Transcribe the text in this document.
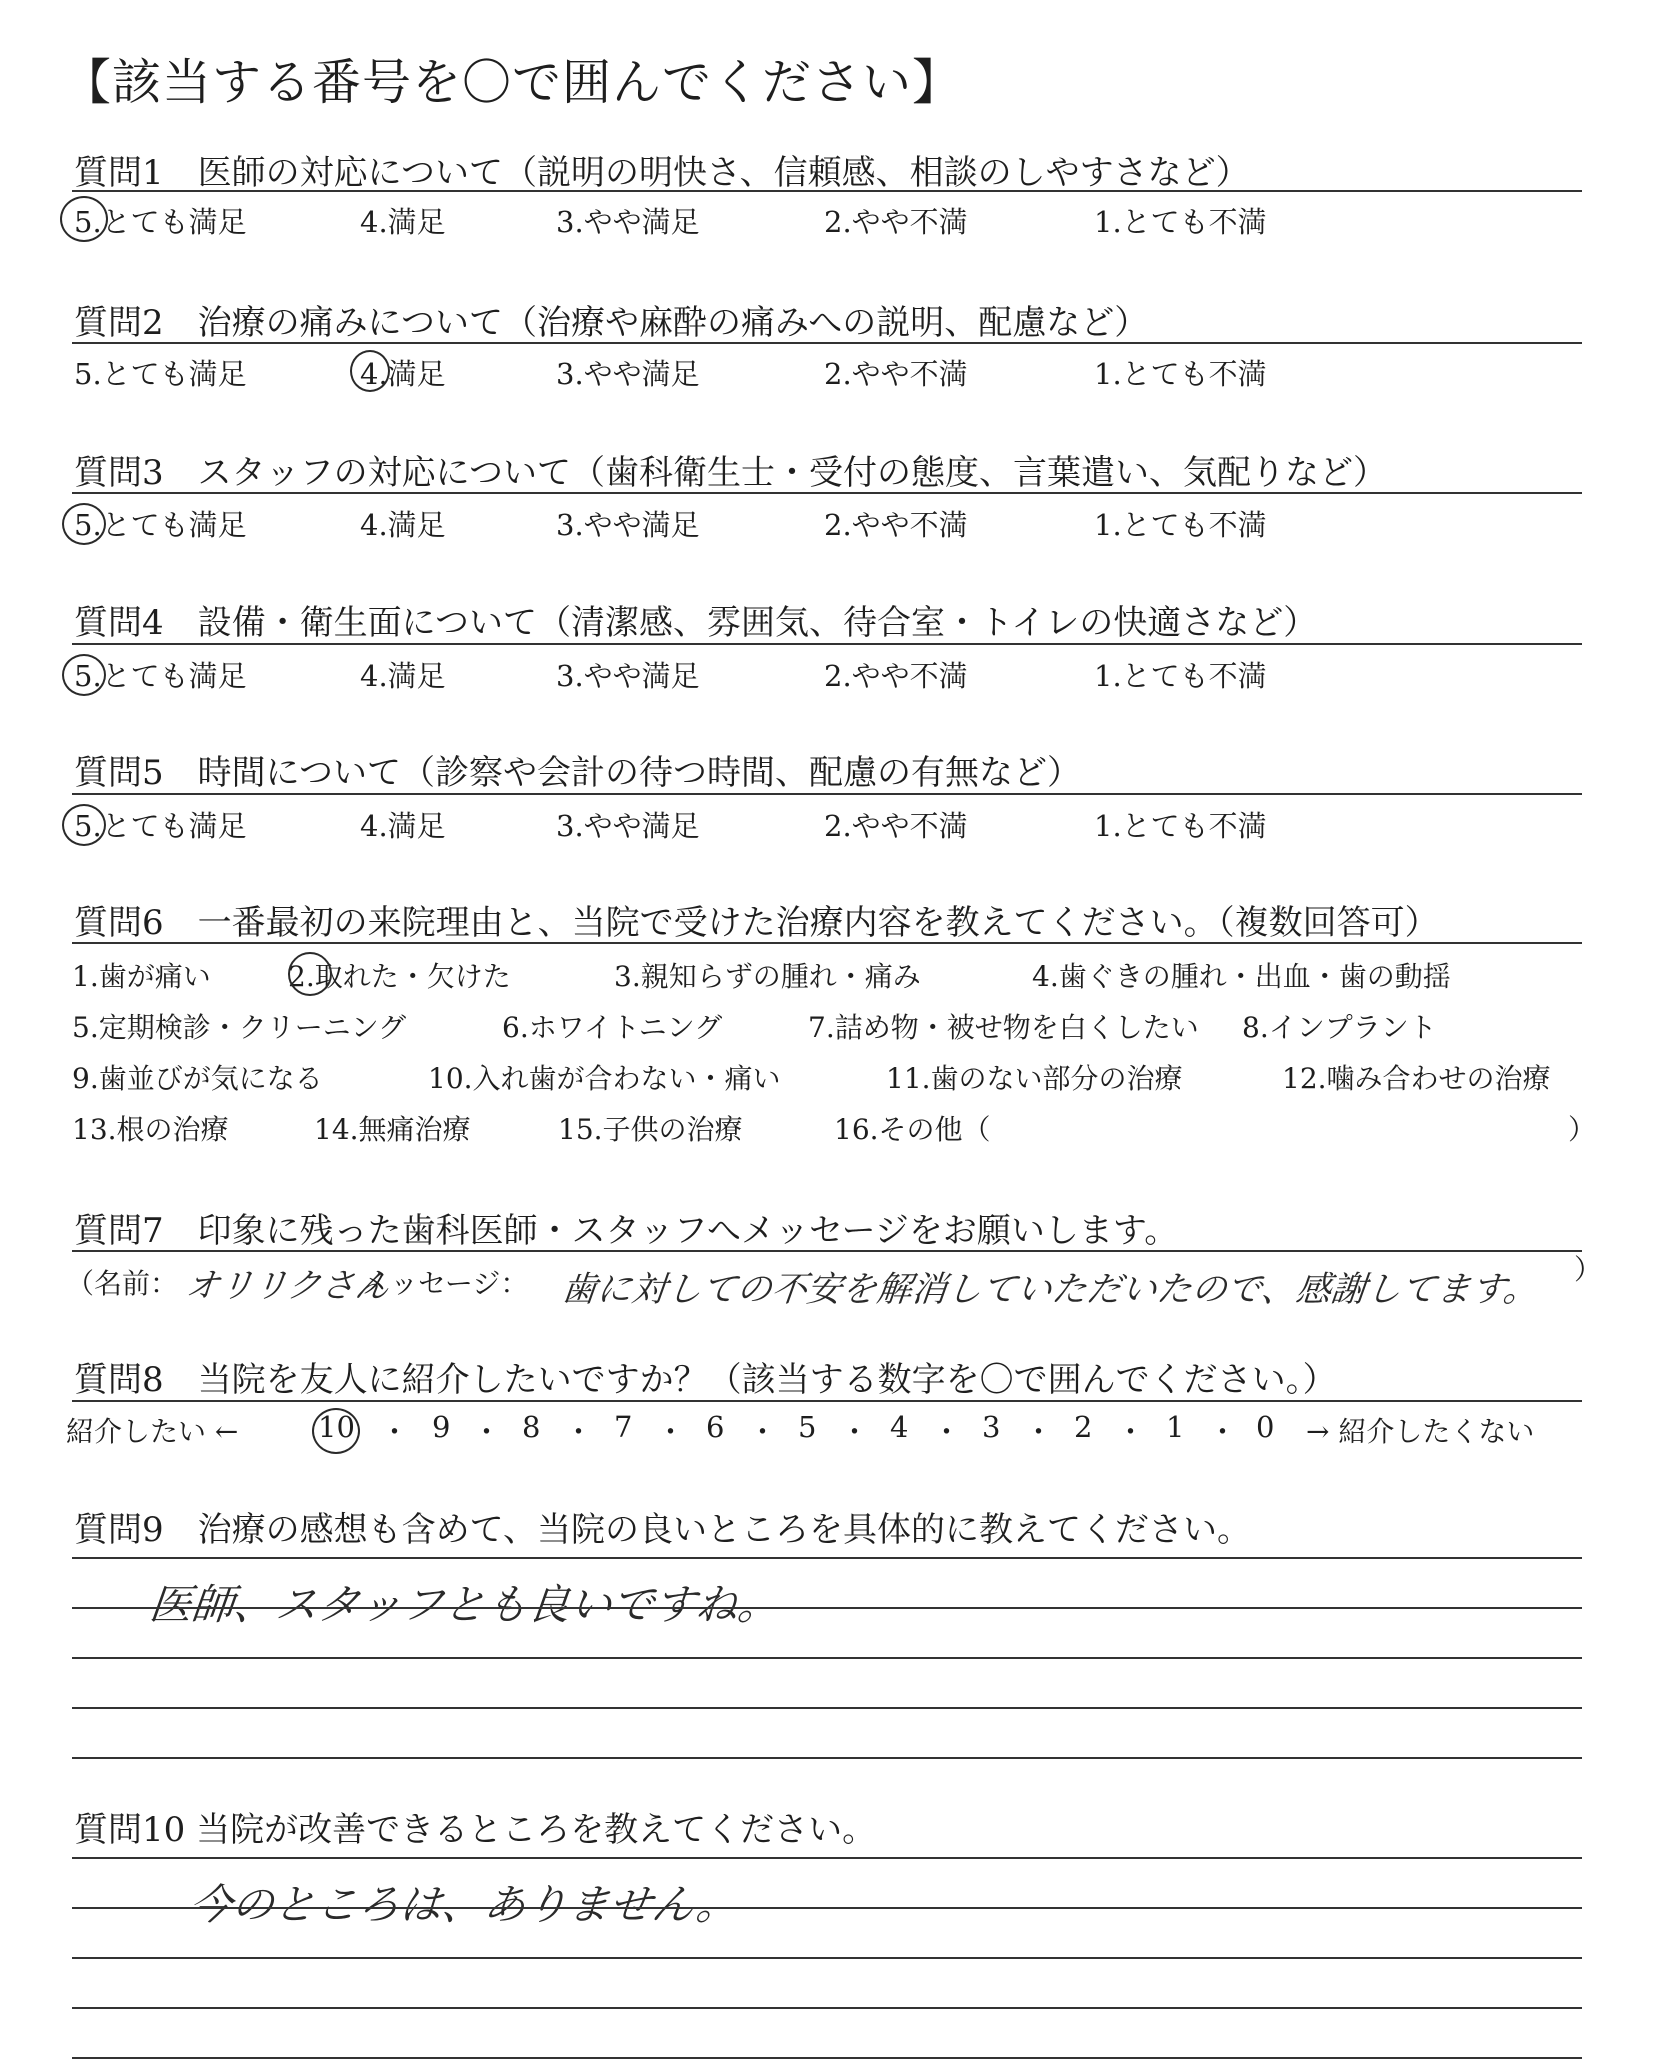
【該当する番号を〇で囲んでください】
質問1　医師の対応について（説明の明快さ、信頼感、相談のしやすさなど）
5.とても満足	4.満足	3.やや満足	2.やや不満	1.とても不満
質問2　治療の痛みについて（治療や麻酔の痛みへの説明、配慮など）
5.とても満足	4.満足	3.やや満足	2.やや不満	1.とても不満
質問3　スタッフの対応について（歯科衛生士・受付の態度、言葉遣い、気配りなど）
5.とても満足	4.満足	3.やや満足	2.やや不満	1.とても不満
質問4　設備・衛生面について（清潔感、雰囲気、待合室・トイレの快適さなど）
5.とても満足	4.満足	3.やや満足	2.やや不満	1.とても不満
質問5　時間について（診察や会計の待つ時間、配慮の有無など）
5.とても満足	4.満足	3.やや満足	2.やや不満	1.とても不満
質問6　一番最初の来院理由と、当院で受けた治療内容を教えてください。（複数回答可）
1.歯が痛い	2.取れた・欠けた	3.親知らずの腫れ・痛み	4.歯ぐきの腫れ・出血・歯の動揺
5.定期検診・クリーニング	6.ホワイトニング	7.詰め物・被せ物を白くしたい 8.インプラント
9.歯並びが気になる	10.入れ歯が合わない・痛い	11.歯のない部分の治療	12.噛み合わせの治療
13.根の治療	14.無痛治療	15.子供の治療	16.その他（	）
質問7　印象に残った歯科医師・スタッフへメッセージをお願いします。
（名前： オリリクさん
メッセージ： 歯に対しての不安を解消していただいたので、感謝してます。
）
質問8　当院を友人に紹介したいですか？（該当する数字を〇で囲んでください。）
紹介したい ←	10 ・ 9 ・ 8 ・ 7 ・ 6 ・ 5 ・ 4 ・ 3 ・ 2 ・ 1 ・ 0 → 紹介したくない
質問9　治療の感想も含めて、当院の良いところを具体的に教えてください。
医師、スタッフとも良いですね。
質問10 当院が改善できるところを教えてください。
今のところは、ありません。
